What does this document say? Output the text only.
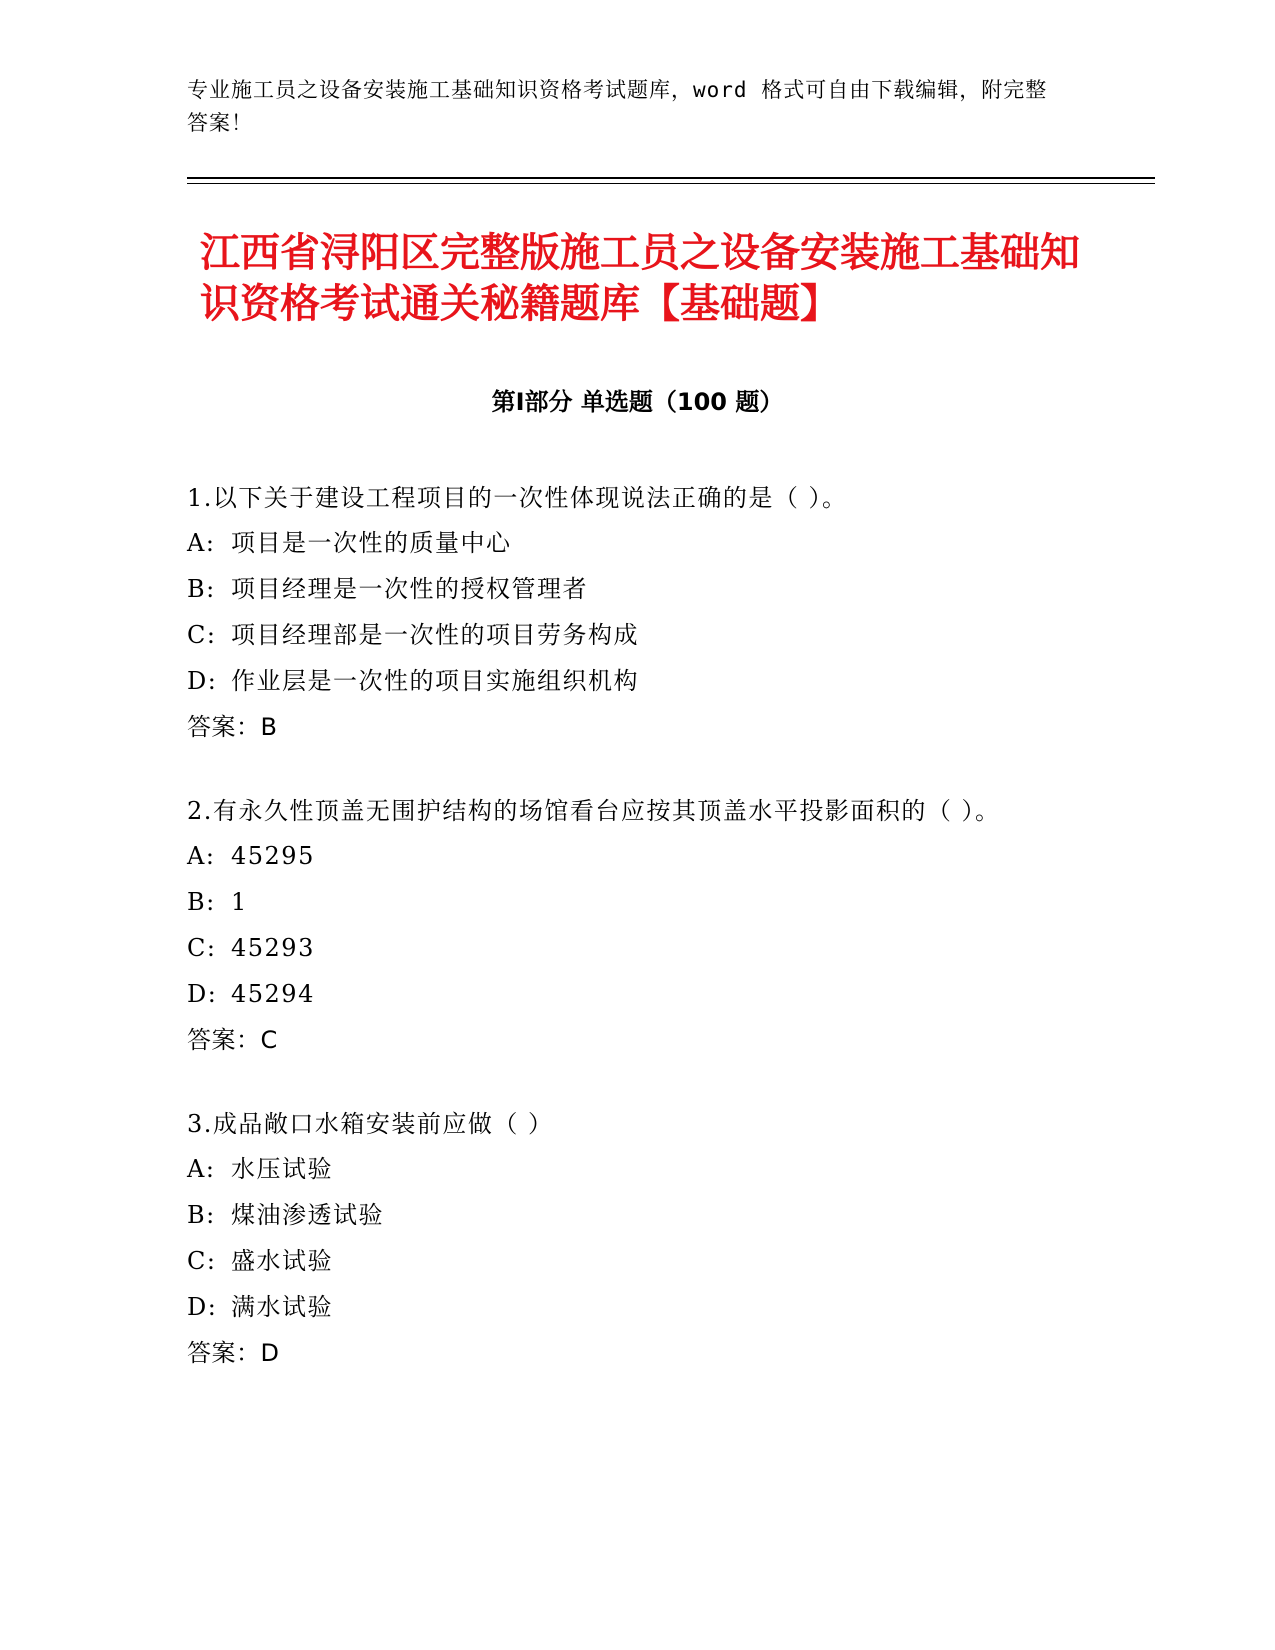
专业施工员之设备安装施工基础知识资格考试题库，word 格式可自由下载编辑，附完整答案！
江西省浔阳区完整版施工员之设备安装施工基础知识资格考试通关秘籍题库【基础题】
第Ⅰ部分 单选题（100 题）

1.以下关于建设工程项目的一次性体现说法正确的是（ ）。

A: 项目是一次性的质量中心

B: 项目经理是一次性的授权管理者

C: 项目经理部是一次性的项目劳务构成

D: 作业层是一次性的项目实施组织机构

答案：B

2.有永久性顶盖无围护结构的场馆看台应按其顶盖水平投影面积的（ ）。

A: 45295

B: 1

C: 45293

D: 45294

答案：C

3.成品敞口水箱安装前应做（ ）

A: 水压试验

B: 煤油渗透试验

C: 盛水试验

D: 满水试验

答案：D
